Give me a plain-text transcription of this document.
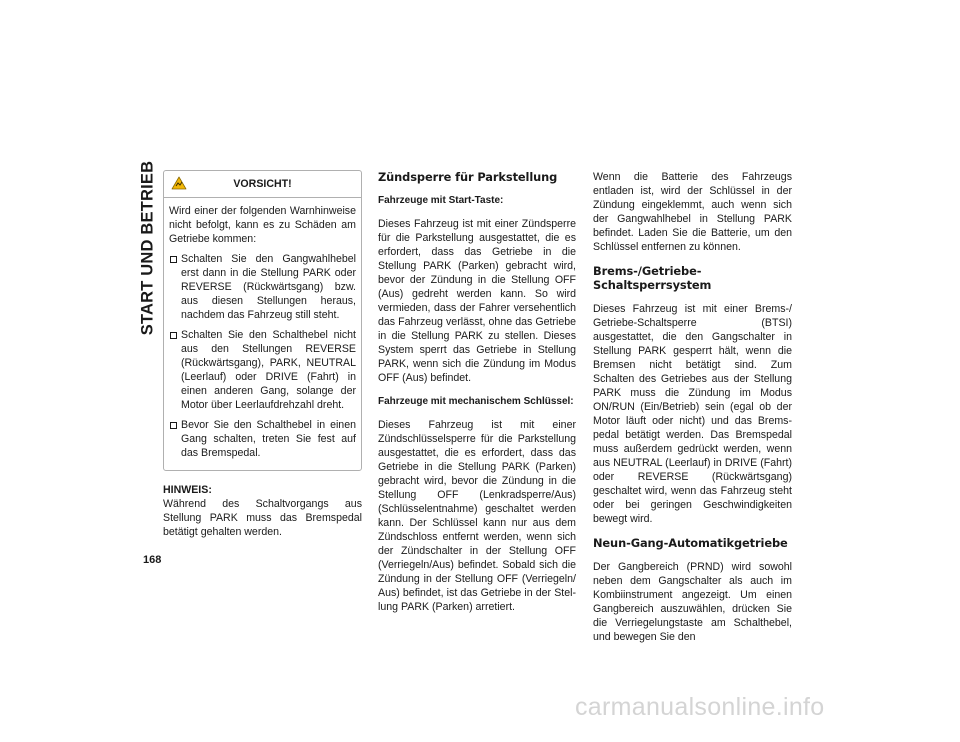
START UND BETRIEB
168
VORSICHT!

Wird einer der folgenden Warnhinweise nicht befolgt, kann es zu Schäden am Getriebe kommen:

Schalten Sie den Gangwahlhebel erst dann in die Stellung PARK oder REVERSE (Rückwärtsgang) bzw. aus diesen Stellungen heraus, nachdem das Fahrzeug still steht.
Schalten Sie den Schalthebel nicht aus den Stellungen REVERSE (Rückwärtsgang), PARK, NEUTRAL (Leerlauf) oder DRIVE (Fahrt) in einen anderen Gang, solange der Motor über Leerlaufdrehzahl dreht.
Bevor Sie den Schalthebel in einen Gang schalten, treten Sie fest auf das Bremspedal.
HINWEIS:

Während des Schaltvorgangs aus Stellung PARK muss das Bremspedal betätigt gehalten werden.

Zündsperre für Parkstellung
Fahrzeuge mit Start-Taste:

Dieses Fahrzeug ist mit einer Zündsperre für die Parkstellung ausgestattet, die es erfordert, dass das Getriebe in die Stellung PARK (Parken) gebracht wird, bevor der Zündung in die Stellung OFF (Aus) gedreht werden kann. So wird vermieden, dass der Fahrer versehentlich das Fahrzeug verlässt, ohne das Getriebe in die Stellung PARK zu stellen. Dieses System sperrt das Getriebe in Stellung PARK, wenn sich die Zündung im Modus OFF (Aus) befindet.

Fahrzeuge mit mechanischem Schlüssel:

Dieses Fahrzeug ist mit einer Zündschlüsselsperre für die Parkstellung ausgestattet, die es erfordert, dass das Getriebe in die Stellung PARK (Parken) gebracht wird, bevor die Zündung in die Stellung OFF (Lenkradsperre/Aus) (Schlüsselentnahme) geschaltet werden kann. Der Schlüssel kann nur aus dem Zündschloss entfernt werden, wenn sich der Zündschalter in der Stellung OFF (Verriegeln/Aus) befindet. Sobald sich die Zündung in der Stellung OFF (Verriegeln/ Aus) befindet, ist das Getriebe in der Stellung PARK (Parken) arretiert.

Wenn die Batterie des Fahrzeugs entladen ist, wird der Schlüssel in der Zündung eingeklemmt, auch wenn sich der Gangwahlhebel in Stellung PARK befindet. Laden Sie die Batterie, um den Schlüssel entfernen zu können.

Brems-/Getriebe-Schaltsperrsystem

Dieses Fahrzeug ist mit einer Brems-/ Getriebe-Schaltsperre (BTSI) ausgestattet, die den Gangschalter in Stellung PARK gesperrt hält, wenn die Bremsen nicht betätigt sind. Zum Schalten des Getriebes aus der Stellung PARK muss die Zündung im Modus ON/RUN (Ein/Betrieb) sein (egal ob der Motor läuft oder nicht) und das Bremspedal betätigt werden. Das Bremspedal muss außerdem gedrückt werden, wenn aus NEUTRAL (Leerlauf) in DRIVE (Fahrt) oder REVERSE (Rückwärtsgang) geschaltet wird, wenn das Fahrzeug steht oder bei geringen Geschwindigkeiten bewegt wird.

Neun-Gang-Automatikgetriebe

Der Gangbereich (PRND) wird sowohl neben dem Gangschalter als auch im Kombiinstrument angezeigt. Um einen Gangbereich auszuwählen, drücken Sie die Verriegelungstaste am Schalthebel, und bewegen Sie den

carmanualsonline.info
